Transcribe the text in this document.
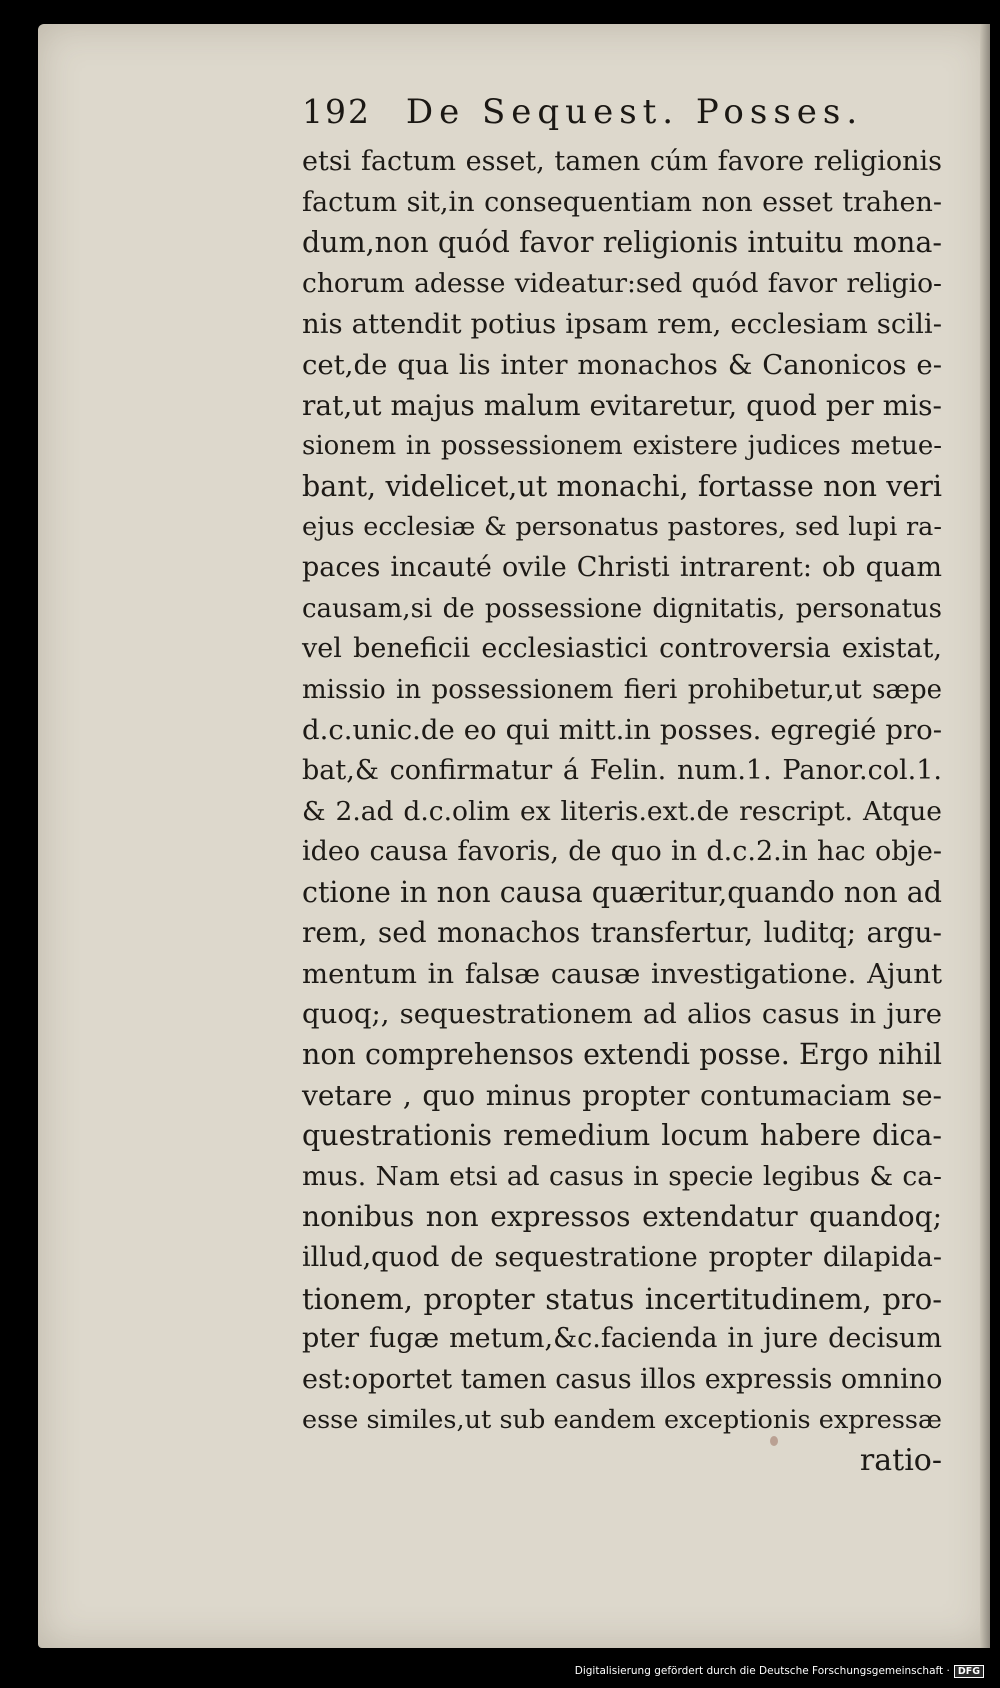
192 De Sequest. Posses.
etsi factum esset, tamen cúm favore religionis
factum sit,in consequentiam non esset trahen-
dum,non quód favor religionis intuitu mona-
chorum adesse videatur:sed quód favor religio-
nis attendit potius ipsam rem, ecclesiam scili-
cet,de qua lis inter monachos & Canonicos e-
rat,ut majus malum evitaretur, quod per mis-
sionem in possessionem existere judices metue-
bant, videlicet,ut monachi, fortasse non veri
ejus ecclesiæ & personatus pastores, sed lupi ra-
paces incauté ovile Christi intrarent: ob quam
causam,si de possessione dignitatis, personatus
vel beneficii ecclesiastici controversia existat,
missio in possessionem fieri prohibetur,ut sæpe
d.c.unic.de eo qui mitt.in posses. egregié pro-
bat,& confirmatur á Felin. num.1. Panor.col.1.
& 2.ad d.c.olim ex literis.ext.de rescript. Atque
ideo causa favoris, de quo in d.c.2.in hac obje-
ctione in non causa quæritur,quando non ad
rem, sed monachos transfertur, luditq; argu-
mentum in falsæ causæ investigatione. Ajunt
quoq;, sequestrationem ad alios casus in jure
non comprehensos extendi posse. Ergo nihil
vetare , quo minus propter contumaciam se-
questrationis remedium locum habere dica-
mus. Nam etsi ad casus in specie legibus & ca-
nonibus non expressos extendatur quandoq;
illud,quod de sequestratione propter dilapida-
tionem, propter status incertitudinem, pro-
pter fugæ metum,&c.facienda in jure decisum
est:oportet tamen casus illos expressis omnino
esse similes,ut sub eandem exceptionis expressæ
ratio-
Digitalisierung gefördert durch die Deutsche Forschungsgemeinschaft · DFG
